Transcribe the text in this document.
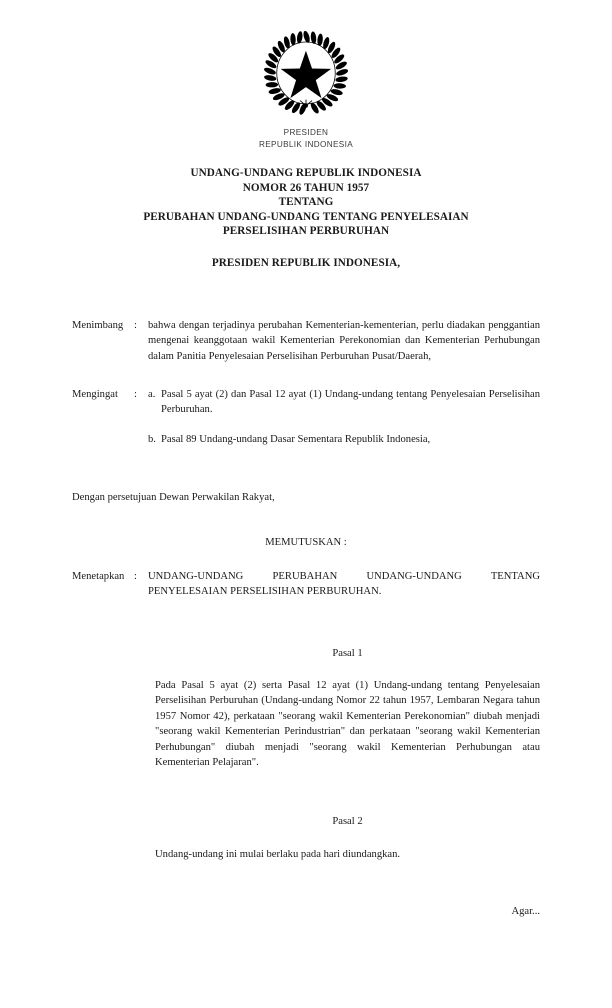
PRESIDEN
REPUBLIK INDONESIA
UNDANG-UNDANG REPUBLIK INDONESIA
NOMOR 26 TAHUN 1957
TENTANG
PERUBAHAN UNDANG-UNDANG TENTANG PENYELESAIAN
PERSELISIHAN PERBURUHAN
PRESIDEN REPUBLIK INDONESIA,
Menimbang	:	bahwa dengan terjadinya perubahan Kementerian-kementerian, perlu diadakan penggantian mengenai keanggotaan wakil Kementerian Perekonomian dan Kementerian Perhubungan dalam Panitia Penyelesaian Perselisihan Perburuhan Pusat/Daerah,
Mengingat	:	a. Pasal 5 ayat (2) dan Pasal 12 ayat (1) Undang-undang tentang Penyelesaian Perselisihan Perburuhan.
b. Pasal 89 Undang-undang Dasar Sementara Republik Indonesia,
Dengan persetujuan Dewan Perwakilan Rakyat,
MEMUTUSKAN :
Menetapkan :	UNDANG-UNDANG PERUBAHAN UNDANG-UNDANG TENTANG PENYELESAIAN PERSELISIHAN PERBURUHAN.
Pasal 1
Pada Pasal 5 ayat (2) serta Pasal 12 ayat (1) Undang-undang tentang Penyelesaian Perselisihan Perburuhan (Undang-undang Nomor 22 tahun 1957, Lembaran Negara tahun 1957 Nomor 42), perkataan "seorang wakil Kementerian Perekonomian" diubah menjadi "seorang wakil Kementerian Perindustrian" dan perkataan "seorang wakil Kementerian Perhubungan" diubah menjadi "seorang wakil Kementerian Perhubungan atau Kementerian Pelajaran".
Pasal 2
Undang-undang ini mulai berlaku pada hari diundangkan.
Agar...
